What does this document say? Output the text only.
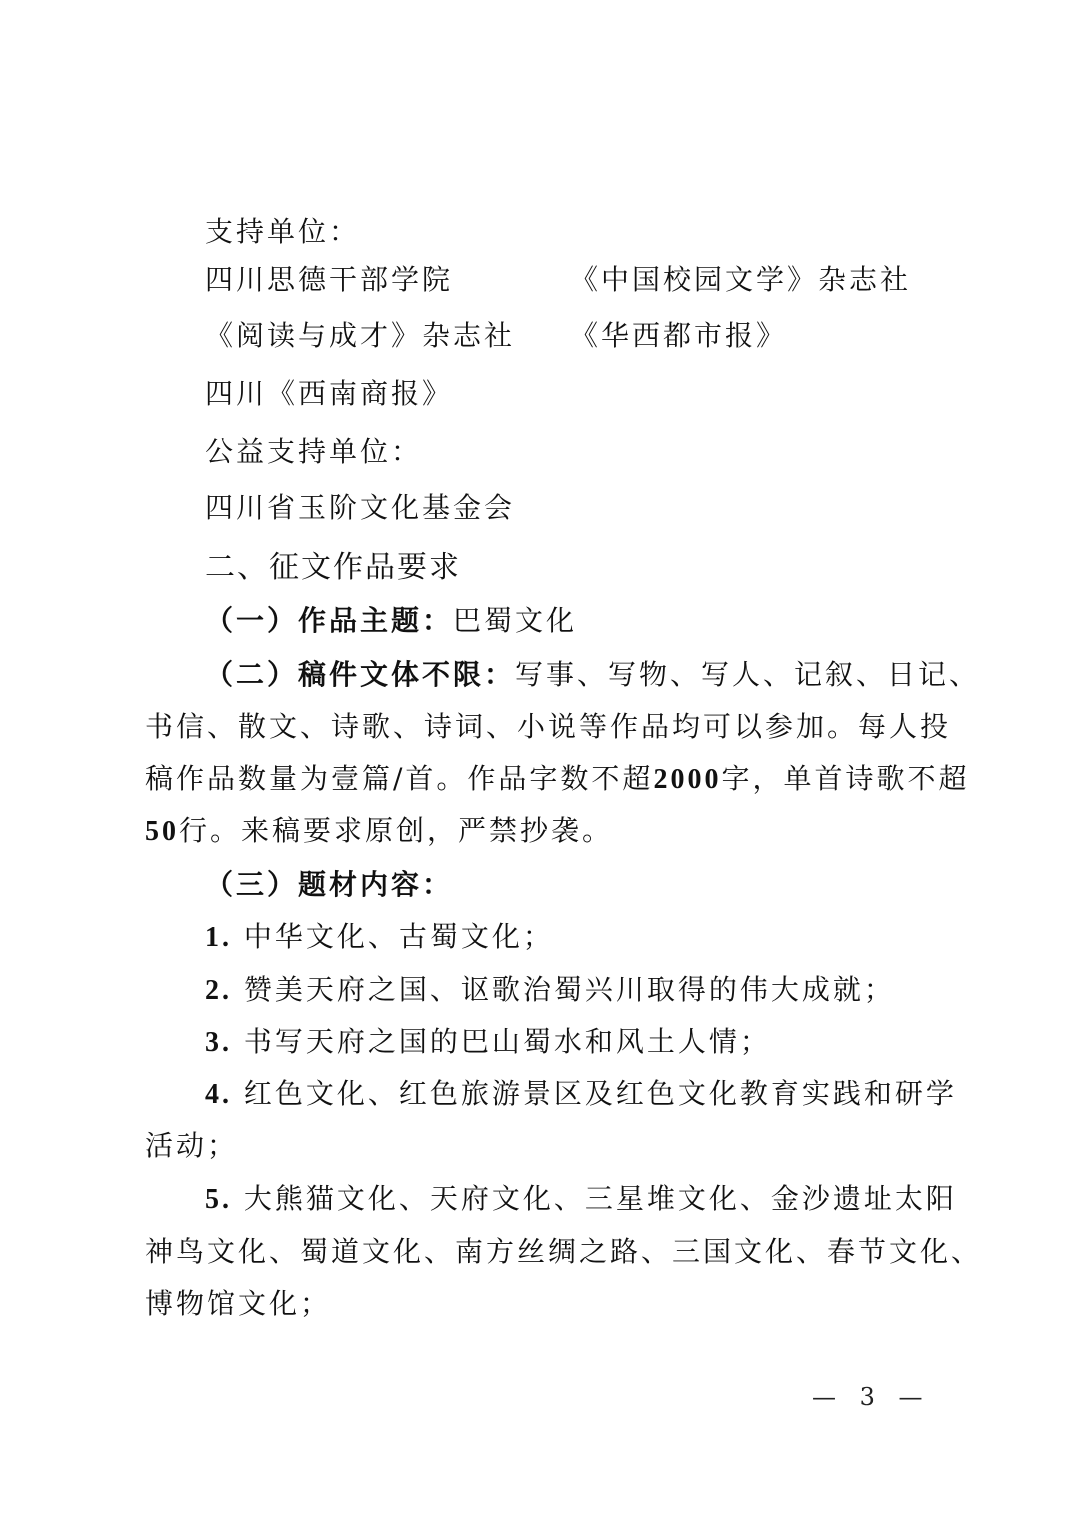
支持单位：
四川思德干部学院	《中国校园文学》杂志社
《阅读与成才》杂志社 《华西都市报》
四川《西南商报》
公益支持单位：
四川省玉阶文化基金会
二、征文作品要求
（一）作品主题：巴蜀文化
（二）稿件文体不限：写事、写物、写人、记叙、日记、
书信、散文、诗歌、诗词、小说等作品均可以参加。每人投
稿作品数量为壹篇/首。作品字数不超2000字，单首诗歌不超
50行。来稿要求原创，严禁抄袭。
（三）题材内容：
1. 中华文化、古蜀文化；
2. 赞美天府之国、讴歌治蜀兴川取得的伟大成就；
3. 书写天府之国的巴山蜀水和风土人情；
4. 红色文化、红色旅游景区及红色文化教育实践和研学
活动；
5. 大熊猫文化、天府文化、三星堆文化、金沙遗址太阳
神鸟文化、蜀道文化、南方丝绸之路、三国文化、春节文化、
博物馆文化；
— 3 —
